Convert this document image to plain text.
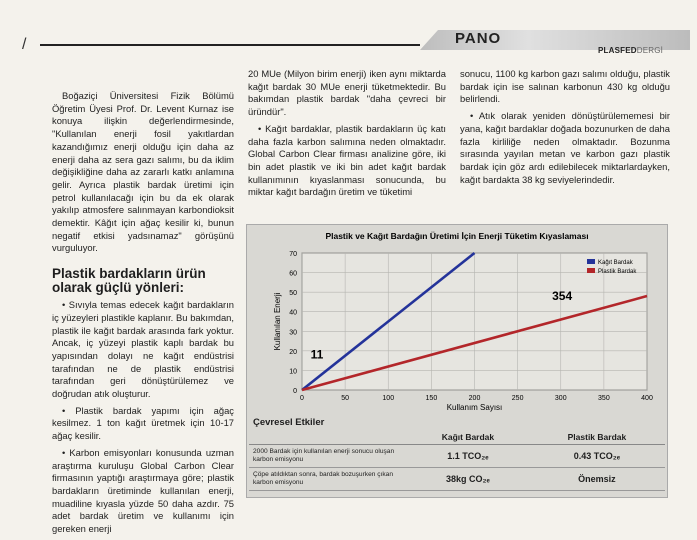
/	PANO
PLASFEDDERGİ

Boğaziçi Üniversitesi Fizik Bölümü Öğretim Üyesi Prof. Dr. Levent Kurnaz ise konuya ilişkin değerlendirmesinde, "Kullanılan enerji fosil yakıtlardan kazandığımız enerji olduğu için daha az enerji daha az sera gazı salımı, bu da iklim değişikliğine daha az zararlı katkı anlamına gelir. Ayrıca plastik bardak üretimi için petrol kullanılacağı için bu da ek olarak yakılıp atmosfere salınmayan karbondioksit demektir. Kâğıt için ağaç kesilir ki, bunun negatif etkisi yadsınamaz" görüşünü vurguluyor.

Plastik bardakların ürün olarak güçlü yönleri:

• Sıvıyla temas edecek kağıt bardakların iç yüzeyleri plastikle kaplanır. Bu bakımdan, plastik ile kağıt bardak arasında fark yoktur. Ancak, iç yüzeyi plastik kaplı bardak bu yapısından dolayı ne kağıt endüstrisi tarafından ne de plastik endüstrisi tarafından geri dönüştürülemez ve doğrudan atık oluşturur.

• Plastik bardak yapımı için ağaç kesilmez. 1 ton kağıt üretmek için 10-17 ağaç kesilir.

• Karbon emisyonları konusunda uzman araştırma kuruluşu Global Carbon Clear firmasının yaptığı araştırmaya göre; plastik bardakların üretiminde kullanılan enerji, muadiline kıyasla yüzde 50 daha azdır. 75 adet bardak üretim ve kullanımı için gereken enerji

20 MUe (Milyon birim enerji) iken aynı miktarda kağıt bardak 30 MUe enerji tüketmektedir. Bu bakımdan plastik bardak "daha çevreci bir üründür".

• Kağıt bardaklar, plastik bardakların üç katı daha fazla karbon salımına neden olmaktadır. Global Carbon Clear firması analizine göre, iki bin adet plastik ve iki bin adet kağıt bardak kullanımının kıyaslanması sonucunda, bu miktar kağıt bardağın üretim ve tüketimi

sonucu, 1100 kg karbon gazı salımı olduğu, plastik bardak için ise salınan karbonun 430 kg olduğu belirlendi.

• Atık olarak yeniden dönüştürülememesi bir yana, kağıt bardaklar doğada bozunurken de daha fazla kirliliğe neden olmaktadır. Bozunma sırasında yayılan metan ve karbon gazı plastik bardak için göz ardı edilebilecek miktarlardayken, kağıt bardakta 38 kg seviyelerindedir.

Plastik ve Kağıt Bardağın Üretimi İçin Enerji Tüketim Kıyaslaması
0
10
20
30
40
50
60
70
0	50	100	150	200	250	300	350	400
Kullanım Sayısı
Kullanılan Enerji
Kağıt Bardak
Plastik Bardak
11
354
Çevresel Etkiler
	Kağıt Bardak	Plastik Bardak
2000 Bardak için kullanılan enerji sonucu oluşan karbon emisyonu	1.1 TCO₂ₑ	0.43 TCO₂ₑ
Çöpe atıldıktan sonra, bardak bozuşurken çıkan karbon emisyonu	38kg CO₂ₑ	Önemsiz
